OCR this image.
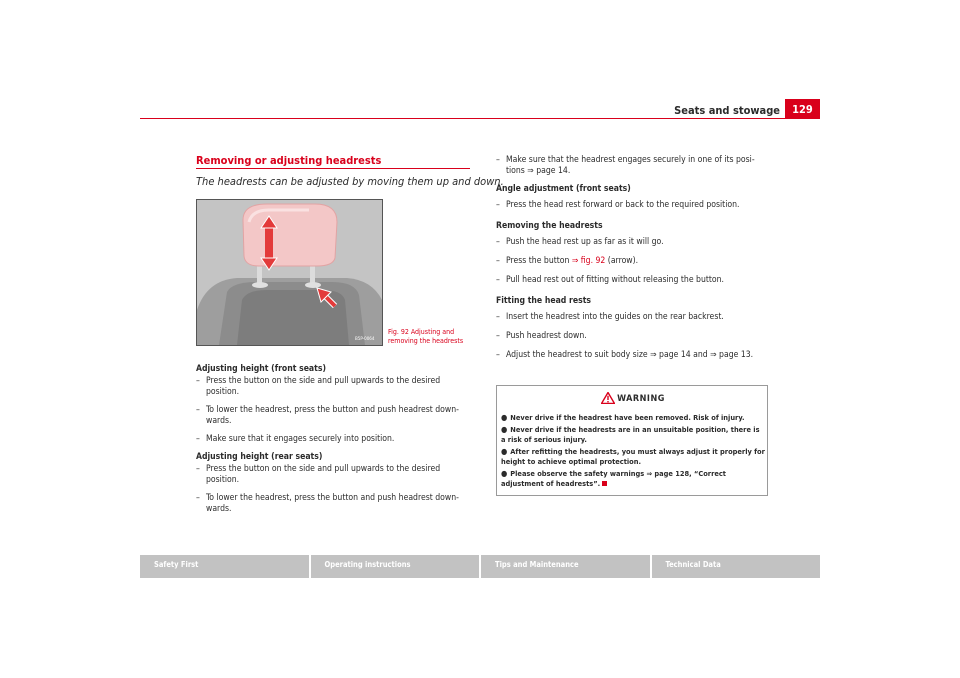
Seats and stowage	129
Removing or adjusting headrests
The headrests can be adjusted by moving them up and down.
B5P-0064
Fig. 92 Adjusting and removing the headrests

Adjusting height (front seats)

– Press the button on the side and pull upwards to the desired position.

– To lower the headrest, press the button and push headrest down-wards.

– Make sure that it engages securely into position.

Adjusting height (rear seats)

– Press the button on the side and pull upwards to the desired position.

– To lower the headrest, press the button and push headrest down-wards.

– Make sure that the headrest engages securely in one of its posi-tions ⇒ page 14.

Angle adjustment (front seats)

– Press the head rest forward or back to the required position.

Removing the headrests

– Push the head rest up as far as it will go.

– Press the button ⇒ fig. 92 (arrow).

– Pull head rest out of fitting without releasing the button.

Fitting the head rests

– Insert the headrest into the guides on the rear backrest.

– Push headrest down.

– Adjust the headrest to suit body size ⇒ page 14 and ⇒ page 13.

WARNING

● Never drive if the headrest have been removed. Risk of injury.

● Never drive if the headrests are in an unsuitable position, there is a risk of serious injury.

● After refitting the headrests, you must always adjust it properly for height to achieve optimal protection.

● Please observe the safety warnings ⇒ page 128, “Correct adjustment of headrests”.

Safety First	Operating instructions	Tips and Maintenance	Technical Data
